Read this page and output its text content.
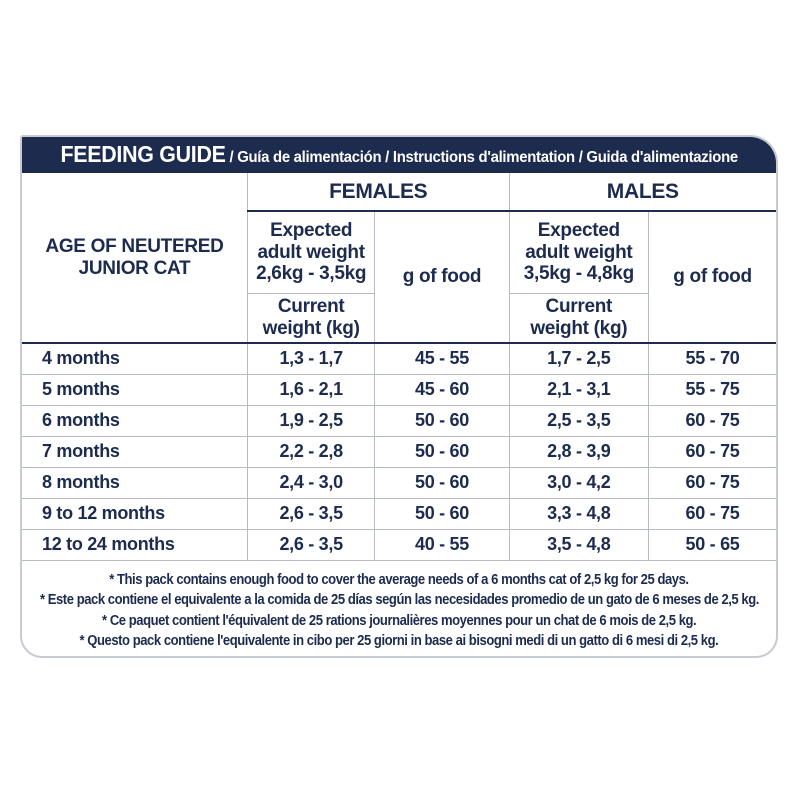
FEEDING GUIDE / Guía de alimentación / Instructions d'alimentation / Guida d'alimentazione
AGE OF NEUTERED JUNIOR CAT	FEMALES		MALES	

	Expected
adult weight
2,6kg - 3,5kg	g of food	Expected
adult weight
3,5kg - 4,8kg	g of food

	Current
weight (kg)		Current
weight (kg)	

4 months	1,3 - 1,7	45 - 55	1,7 - 2,5	55 - 70
5 months	1,6 - 2,1	45 - 60	2,1 - 3,1	55 - 75
6 months	1,9 - 2,5	50 - 60	2,5 - 3,5	60 - 75
7 months	2,2 - 2,8	50 - 60	2,8 - 3,9	60 - 75
8 months	2,4 - 3,0	50 - 60	3,0 - 4,2	60 - 75
9 to 12 months	2,6 - 3,5	50 - 60	3,3 - 4,8	60 - 75
12 to 24 months	2,6 - 3,5	40 - 55	3,5 - 4,8	50 - 65

* This pack contains enough food to cover the average needs of a 6 months cat of 2,5 kg for 25 days.

* Este pack contiene el equivalente a la comida de 25 días según las necesidades promedio de un gato de 6 meses de 2,5 kg.

* Ce paquet contient l'équivalent de 25 rations journalières moyennes pour un chat de 6 mois de 2,5 kg.

* Questo pack contiene l'equivalente in cibo per 25 giorni in base ai bisogni medi di un gatto di 6 mesi di 2,5 kg.
